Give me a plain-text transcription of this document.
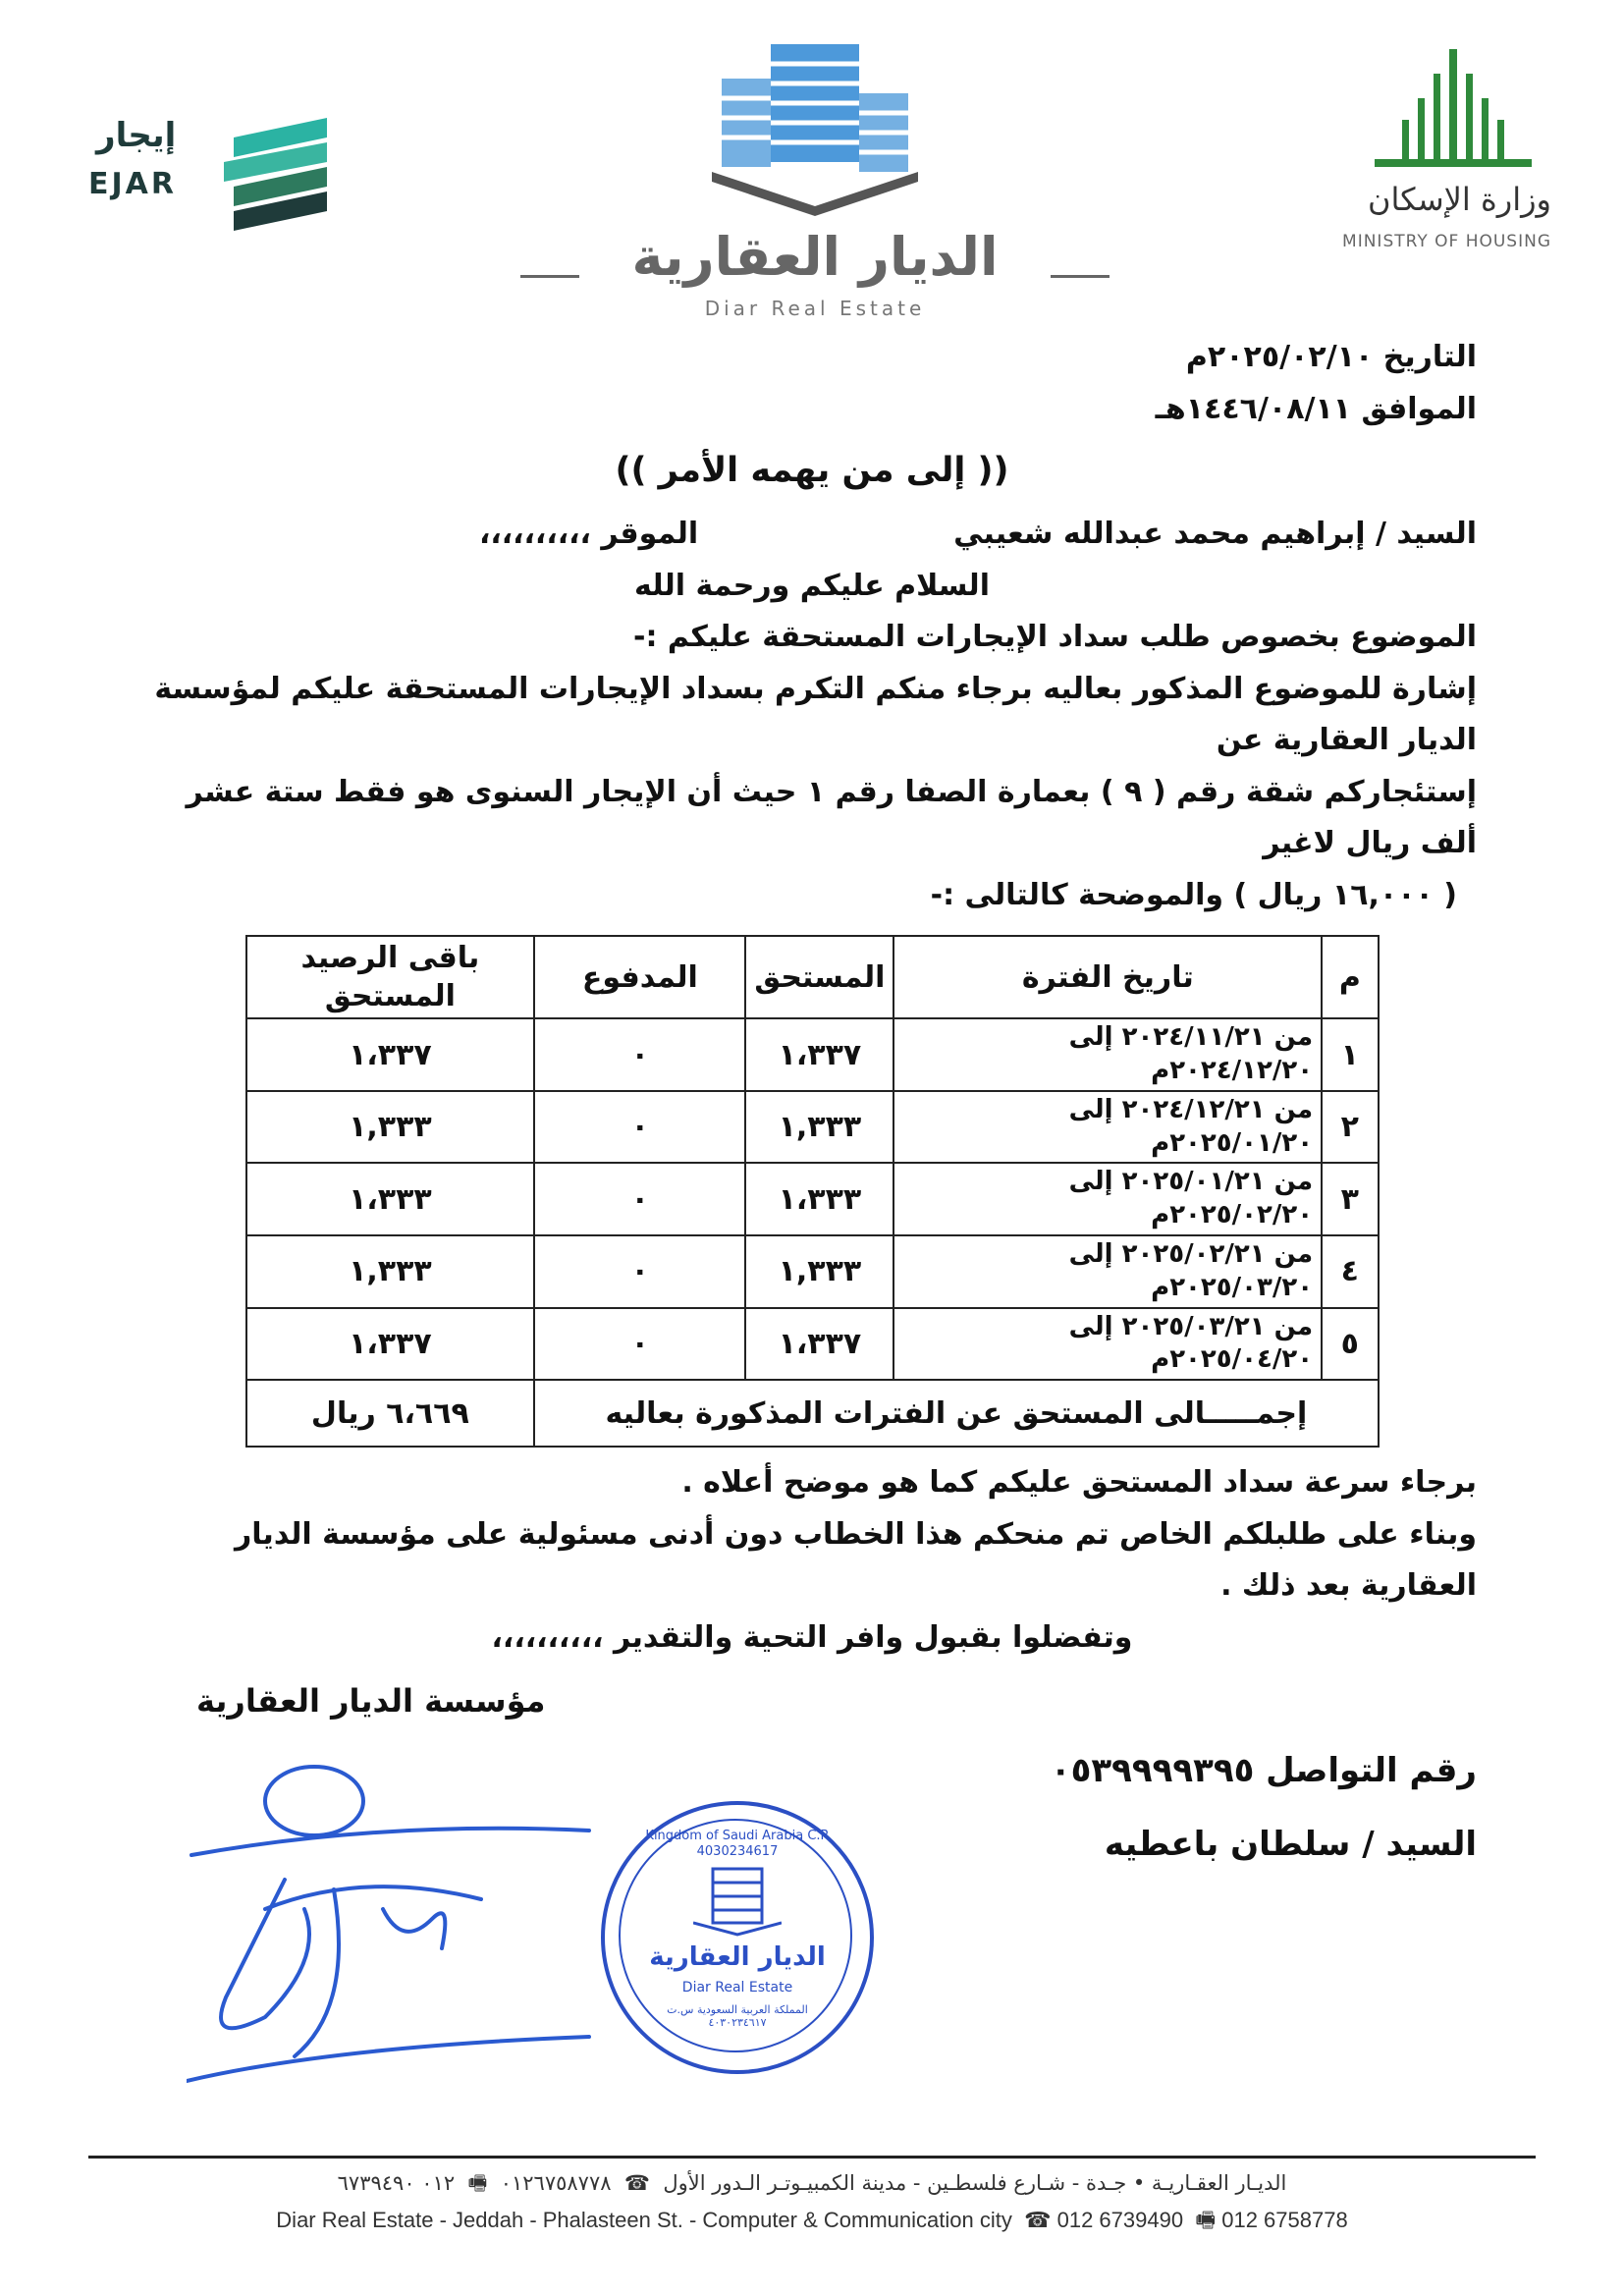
إيجار
EJAR
الديار العقارية
Diar Real Estate
وزارة الإسكان
MINISTRY OF HOUSING
التاريخ ٢٠٢٥/٠٢/١٠م
الموافق ١٤٤٦/٠٨/١١هـ
(( إلى من يهمه الأمر ))
السيد / إبراهيم محمد عبدالله شعيبي
الموقر ،،،،،،،،،،
السلام عليكم ورحمة الله
الموضوع بخصوص طلب سداد الإيجارات المستحقة عليكم :-
إشارة للموضوع المذكور بعاليه برجاء منكم التكرم بسداد الإيجارات المستحقة عليكم لمؤسسة الديار العقارية عن
إستئجاركم شقة رقم ( ٩ ) بعمارة الصفا رقم ١ حيث أن الإيجار السنوى هو فقط ستة عشر ألف ريال لاغير
( ١٦,٠٠٠ ريال ) والموضحة كالتالى :-
م	تاريخ الفترة	المستحق	المدفوع	باقى الرصيد المستحق
١	من ٢٠٢٤/١١/٢١ إلى ٢٠٢٤/١٢/٢٠م	١،٣٣٧	٠	١،٣٣٧
٢	من ٢٠٢٤/١٢/٢١ إلى ٢٠٢٥/٠١/٢٠م	١,٣٣٣	٠	١,٣٣٣
٣	من ٢٠٢٥/٠١/٢١ إلى ٢٠٢٥/٠٢/٢٠م	١،٣٣٣	٠	١،٣٣٣
٤	من ٢٠٢٥/٠٢/٢١ إلى ٢٠٢٥/٠٣/٢٠م	١,٣٣٣	٠	١,٣٣٣
٥	من ٢٠٢٥/٠٣/٢١ إلى ٢٠٢٥/٠٤/٢٠م	١،٣٣٧	٠	١،٣٣٧
إجمـــــالى المستحق عن الفترات المذكورة بعاليه				٦،٦٦٩ ريال
برجاء سرعة سداد المستحق عليكم كما هو موضح أعلاه .
وبناء على طلبلكم الخاص تم منحكم هذا الخطاب دون أدنى مسئولية على مؤسسة الديار العقارية بعد ذلك .
وتفضلوا بقبول وافر التحية والتقدير ،،،،،،،،،،
مؤسسة الديار العقارية
رقم التواصل ٠٥٣٩٩٩٩٣٩٥
السيد / سلطان باعطيه
Kingdom of Saudi Arabia C.R 4030234617
الديار العقارية
Diar Real Estate
المملكة العربية السعودية س.ت ٤٠٣٠٢٣٤٦١٧
الديـار العقـاريـة • جـدة - شـارع فلسطـين - مدينة الكمبيـوتـر الـدور الأول  ☎  ٠١٢٦٧٥٨٧٧٨  🖷  ٠١٢ ٦٧٣٩٤٩٠
Diar Real Estate - Jeddah - Phalasteen St. - Computer & Communication city  ☎ 012 6739490  🖷 012 6758778
